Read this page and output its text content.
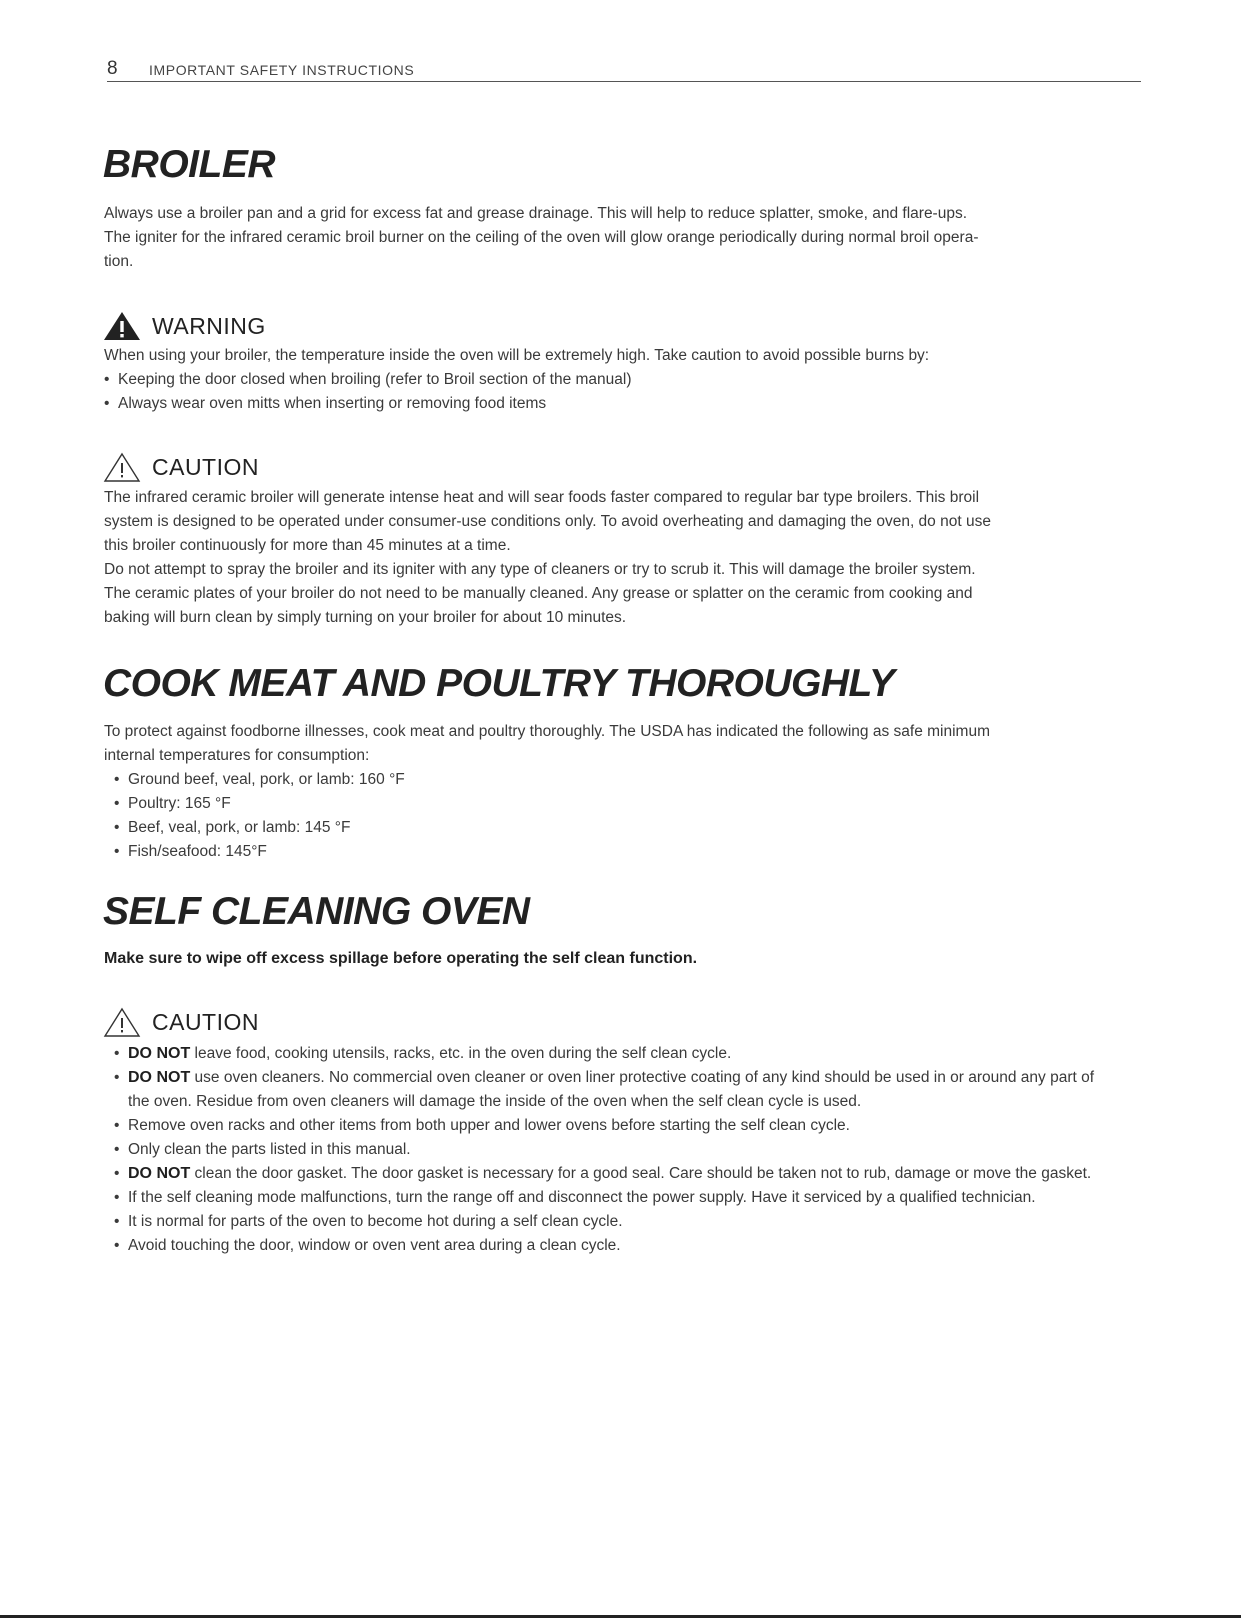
8 IMPORTANT SAFETY INSTRUCTIONS
BROILER

Always use a broiler pan and a grid for excess fat and grease drainage. This will help to reduce splatter, smoke, and flare-ups.

The igniter for the infrared ceramic broil burner on the ceiling of the oven will glow orange periodically during normal broil opera-

tion.

WARNING

When using your broiler, the temperature inside the oven will be extremely high. Take caution to avoid possible burns by:

• Keeping the door closed when broiling (refer to Broil section of the manual)

• Always wear oven mitts when inserting or removing food items

CAUTION

The infrared ceramic broiler will generate intense heat and will sear foods faster compared to regular bar type broilers. This broil

system is designed to be operated under consumer-use conditions only. To avoid overheating and damaging the oven, do not use

this broiler continuously for more than 45 minutes at a time.

Do not attempt to spray the broiler and its igniter with any type of cleaners or try to scrub it. This will damage the broiler system.

The ceramic plates of your broiler do not need to be manually cleaned. Any grease or splatter on the ceramic from cooking and

baking will burn clean by simply turning on your broiler for about 10 minutes.

COOK MEAT AND POULTRY THOROUGHLY

To protect against foodborne illnesses, cook meat and poultry thoroughly. The USDA has indicated the following as safe minimum

internal temperatures for consumption:

• Ground beef, veal, pork, or lamb: 160 °F
• Poultry: 165 °F
• Beef, veal, pork, or lamb: 145 °F
• Fish/seafood: 145°F
SELF CLEANING OVEN

Make sure to wipe off excess spillage before operating the self clean function.

CAUTION
• DO NOT leave food, cooking utensils, racks, etc. in the oven during the self clean cycle.
• DO NOT use oven cleaners. No commercial oven cleaner or oven liner protective coating of any kind should be used in or around any part of the oven. Residue from oven cleaners will damage the inside of the oven when the self clean cycle is used.
• Remove oven racks and other items from both upper and lower ovens before starting the self clean cycle.
• Only clean the parts listed in this manual.
• DO NOT clean the door gasket. The door gasket is necessary for a good seal. Care should be taken not to rub, damage or move the gasket.
• If the self cleaning mode malfunctions, turn the range off and disconnect the power supply. Have it serviced by a qualified technician.
• It is normal for parts of the oven to become hot during a self clean cycle.
• Avoid touching the door, window or oven vent area during a clean cycle.
